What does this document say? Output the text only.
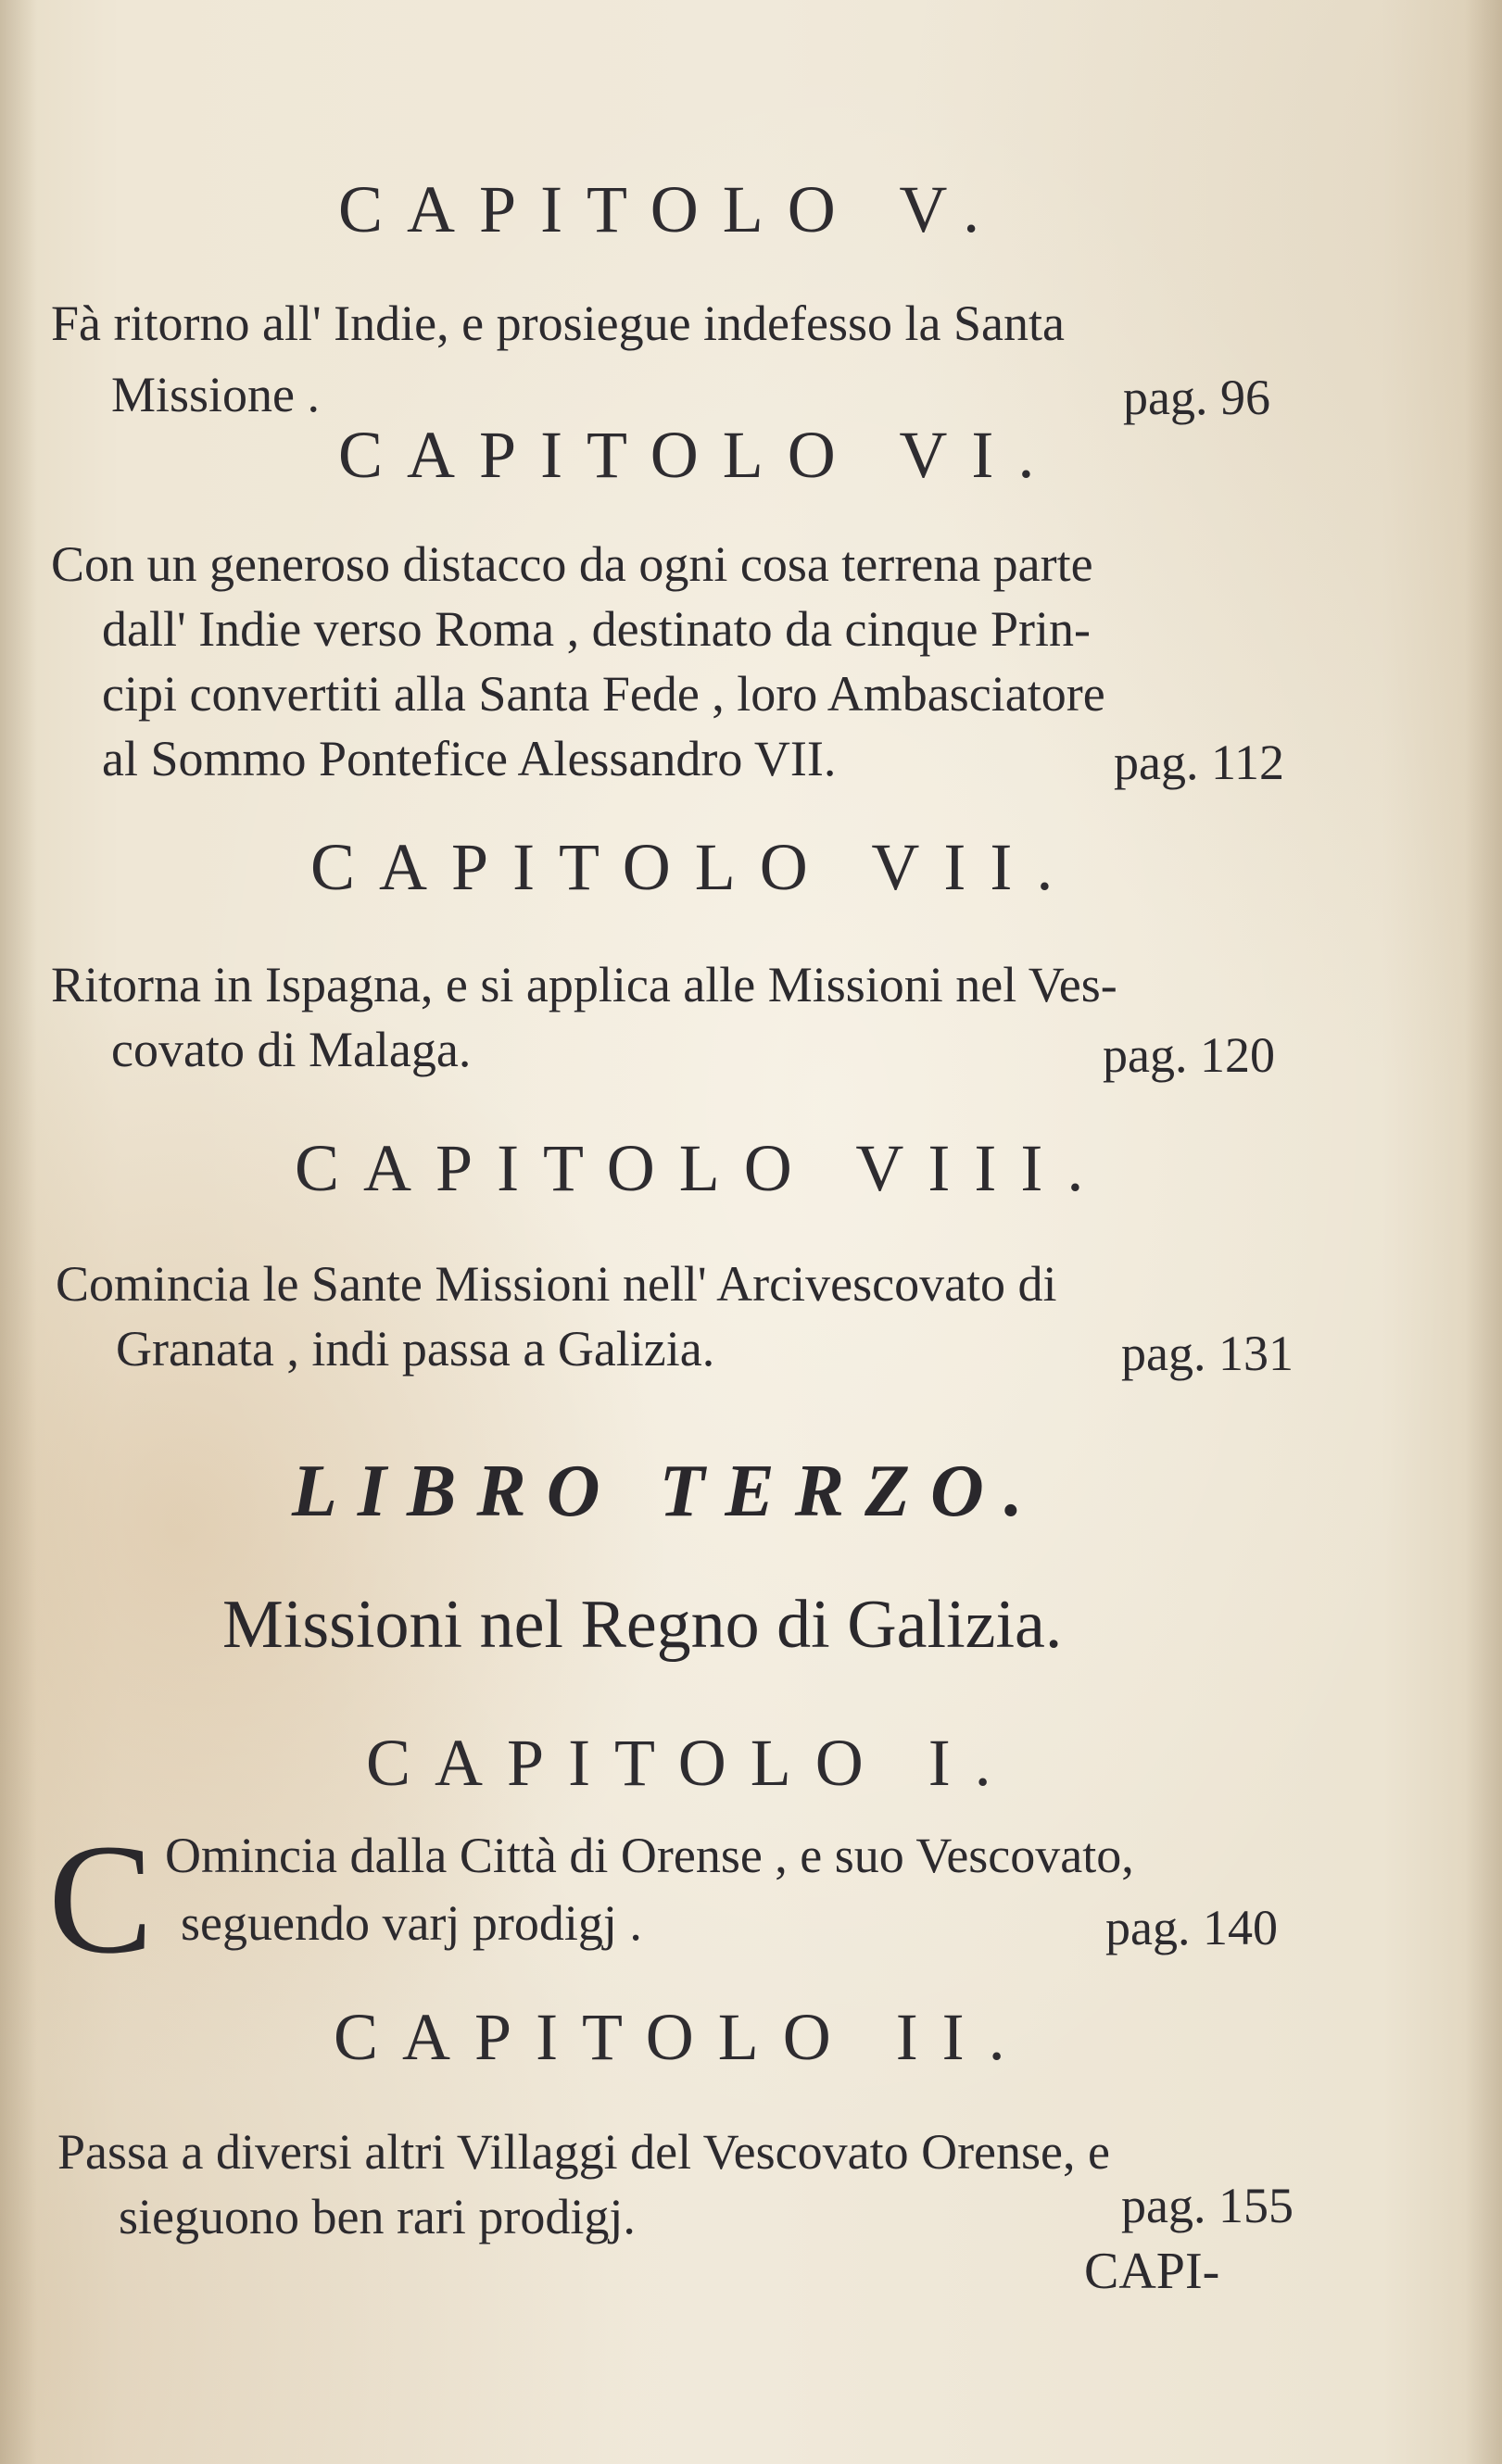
CAPITOLO V.
Fà ritorno all' Indie, e prosiegue indefesso la Santa
Missione .	pag. 96
CAPITOLO VI.
Con un generoso distacco da ogni cosa terrena parte
dall' Indie verso Roma , destinato da cinque Prin-
cipi convertiti alla Santa Fede , loro Ambasciatore
al Sommo Pontefice Alessandro VII.	pag. 112
CAPITOLO VII.
Ritorna in Ispagna, e si applica alle Missioni nel Ves-
covato di Malaga.	pag. 120
CAPITOLO VIII.
Comincia le Sante Missioni nell' Arcivescovato di
Granata , indi passa a Galizia.	pag. 131
LIBRO TERZO.
Missioni nel Regno di Galizia.
CAPITOLO I.
C Omincia dalla Città di Orense , e suo Vescovato,
seguendo varj prodigj .	pag. 140
CAPITOLO II.
Passa a diversi altri Villaggi del Vescovato Orense, e
sieguono ben rari prodigj.	pag. 155
CAPI-
